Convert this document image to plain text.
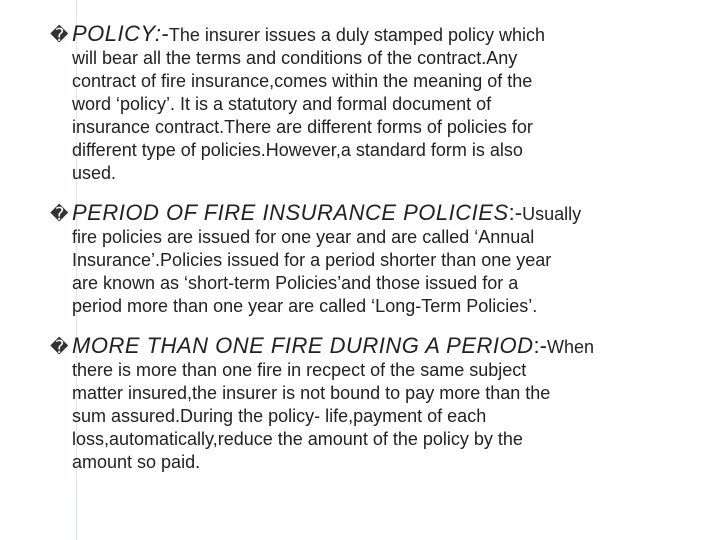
� POLICY:-The insurer issues a duly stamped policy which
will bear all the terms and conditions of the contract.Any
contract of fire insurance,comes within the meaning of the
word ‘policy’. It is a statutory and formal document of
insurance contract.There are different forms of policies for
different type of policies.However,a standard form is also
used.
� PERIOD OF FIRE INSURANCE POLICIES:-Usually
fire policies are issued for one year and are called ‘Annual
Insurance’.Policies issued for a period shorter than one year
are known as ‘short-term Policies’and those issued for a
period more than one year are called ‘Long-Term Policies’.
� MORE THAN ONE FIRE DURING A PERIOD:-When
there is more than one fire in recpect of the same subject
matter insured,the insurer is not bound to pay more than the
sum assured.During the policy- life,payment of each
loss,automatically,reduce the amount of the policy by the
amount so paid.
